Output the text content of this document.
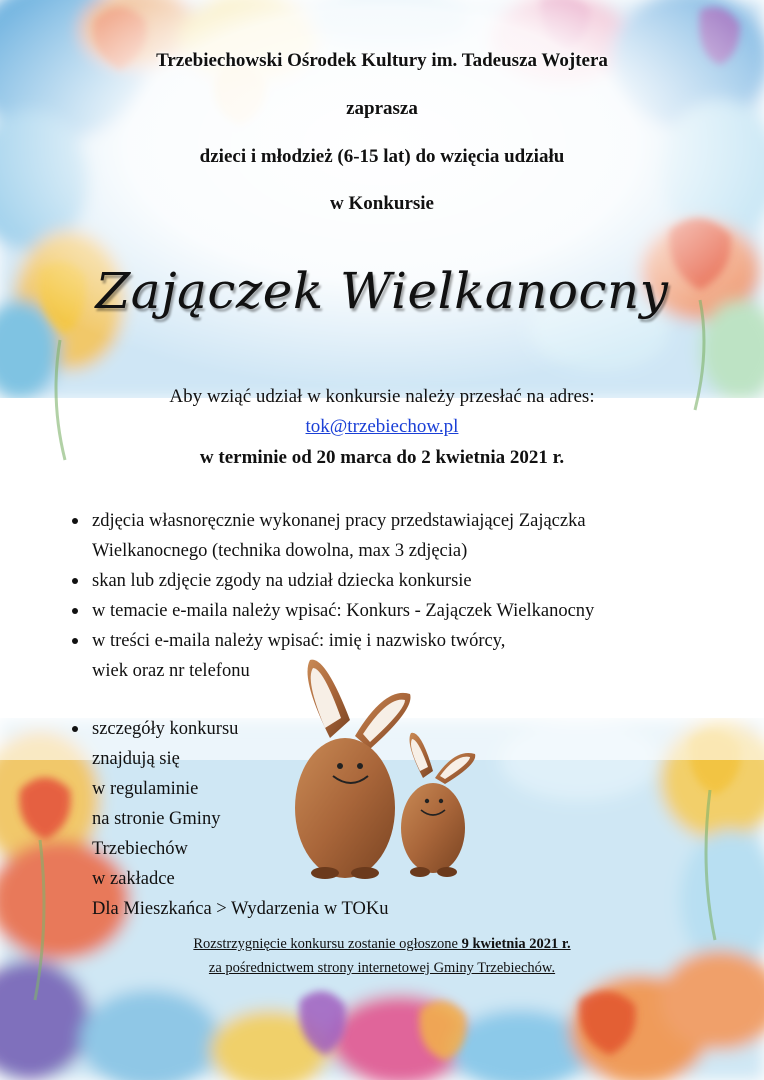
Trzebiechowski Ośrodek Kultury im. Tadeusza Wojtera
zaprasza
dzieci i młodzież (6-15 lat) do wzięcia udziału
w Konkursie
Zajączek Wielkanocny
Aby wziąć udział w konkursie należy przesłać na adres:
tok@trzebiechow.pl
w terminie od 20 marca do 2 kwietnia 2021 r.
zdjęcia własnoręcznie wykonanej pracy przedstawiającej Zajączka
Wielkanocnego (technika dowolna, max 3 zdjęcia)
skan lub zdjęcie zgody na udział dziecka konkursie
w temacie e-maila należy wpisać: Konkurs - Zajączek Wielkanocny
w treści e-maila należy wpisać: imię i nazwisko twórcy,
wiek oraz nr telefonu
szczegóły konkursu
znajdują się
w regulaminie
na stronie Gminy
Trzebiechów
w zakładce
Dla Mieszkańca > Wydarzenia w TOKu
Rozstrzygnięcie konkursu zostanie ogłoszone 9 kwietnia 2021 r.
za pośrednictwem strony internetowej Gminy Trzebiechów.
